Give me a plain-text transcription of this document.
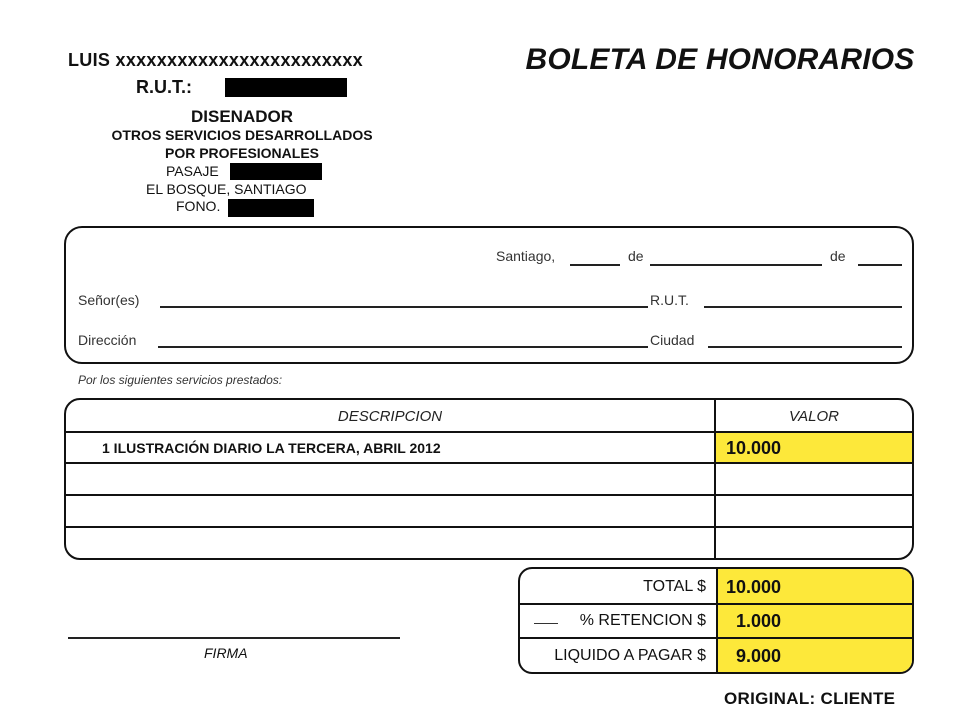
LUIS xxxxxxxxxxxxxxxxxxxxxxxx
R.U.T.:
DISENADOR
OTROS SERVICIOS DESARROLLADOS
POR PROFESIONALES
PASAJE
EL BOSQUE, SANTIAGO
FONO.
BOLETA DE HONORARIOS
Santiago,	de	de
Señor(es)	R.U.T.
Dirección	Ciudad
Por los siguientes servicios prestados:
DESCRIPCION	VALOR
1 ILUSTRACIÓN DIARIO LA TERCERA, ABRIL 2012	10.000
TOTAL $ 10.000
% RETENCION $ 1.000
LIQUIDO A PAGAR $ 9.000
FIRMA
ORIGINAL: CLIENTE
